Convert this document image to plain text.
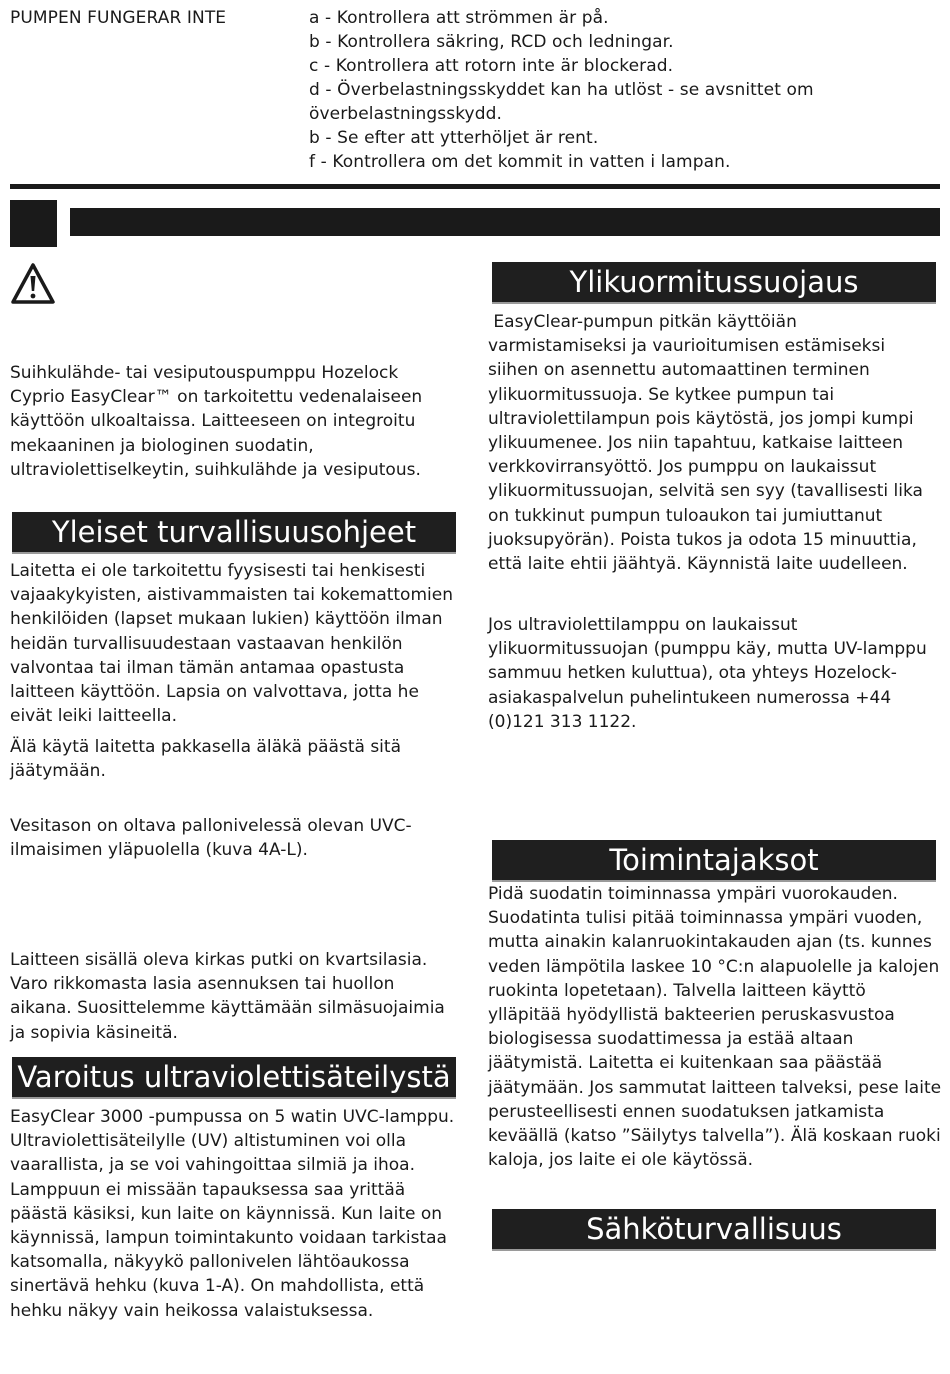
PUMPEN FUNGERAR INTE	a - Kontrollera att strömmen är på.
b - Kontrollera säkring, RCD och ledningar.
c - Kontrollera att rotorn inte är blockerad.
d - Överbelastningsskyddet kan ha utlöst - se avsnittet om
överbelastningsskydd.
b - Se efter att ytterhöljet är rent.
f - Kontrollera om det kommit in vatten i lampan.
Suihkulähde- tai vesiputouspumppu Hozelock Cyprio EasyClear™ on tarkoitettu vedenalaiseen käyttöön ulkoaltaissa. Laitteeseen on integroitu mekaaninen ja biologinen suodatin, ultraviolettiselkeytin, suihkulähde ja vesiputous.
Yleiset turvallisuusohjeet
Laitetta ei ole tarkoitettu fyysisesti tai henkisesti vajaakykyisten, aistivammaisten tai kokemattomien henkilöiden (lapset mukaan lukien) käyttöön ilman heidän turvallisuudestaan vastaavan henkilön valvontaa tai ilman tämän antamaa opastusta laitteen käyttöön. Lapsia on valvottava, jotta he eivät leiki laitteella.
Älä käytä laitetta pakkasella äläkä päästä sitä jäätymään.
Vesitason on oltava pallonivelessä olevan UVC-ilmaisimen yläpuolella (kuva 4A-L).
Laitteen sisällä oleva kirkas putki on kvartsilasia. Varo rikkomasta lasia asennuksen tai huollon aikana. Suosittelemme käyttämään silmäsuojaimia ja sopivia käsineitä.
Varoitus ultraviolettisäteilystä
EasyClear 3000 -pumpussa on 5 watin UVC-lamppu. Ultraviolettisäteilylle (UV) altistuminen voi olla vaarallista, ja se voi vahingoittaa silmiä ja ihoa. Lamppuun ei missään tapauksessa saa yrittää päästä käsiksi, kun laite on käynnissä. Kun laite on käynnissä, lampun toimintakunto voidaan tarkistaa katsomalla, näkyykö pallonivelen lähtöaukossa sinertävä hehku (kuva 1-A). On mahdollista, että hehku näkyy vain heikossa valaistuksessa.
Ylikuormitussuojaus
EasyClear-pumpun pitkän käyttöiän varmistamiseksi ja vaurioitumisen estämiseksi siihen on asennettu automaattinen terminen ylikuormitussuoja. Se kytkee pumpun tai ultraviolettilampun pois käytöstä, jos jompi kumpi ylikuumenee. Jos niin tapahtuu, katkaise laitteen verkkovirransyöttö. Jos pumppu on laukaissut ylikuormitussuojan, selvitä sen syy (tavallisesti lika on tukkinut pumpun tuloaukon tai jumiuttanut juoksupyörän). Poista tukos ja odota 15 minuuttia, että laite ehtii jäähtyä. Käynnistä laite uudelleen.
Jos ultraviolettilamppu on laukaissut ylikuormitussuojan (pumppu käy, mutta UV-lamppu sammuu hetken kuluttua), ota yhteys Hozelock-asiakaspalvelun puhelintukeen numerossa +44 (0)121 313 1122.
Toimintajaksot
Pidä suodatin toiminnassa ympäri vuorokauden. Suodatinta tulisi pitää toiminnassa ympäri vuoden, mutta ainakin kalanruokintakauden ajan (ts. kunnes veden lämpötila laskee 10 °C:n alapuolelle ja kalojen ruokinta lopetetaan). Talvella laitteen käyttö ylläpitää hyödyllistä bakteerien peruskasvustoa biologisessa suodattimessa ja estää altaan jäätymistä. Laitetta ei kuitenkaan saa päästää jäätymään. Jos sammutat laitteen talveksi, pese laite perusteellisesti ennen suodatuksen jatkamista keväällä (katso ”Säilytys talvella”). Älä koskaan ruoki kaloja, jos laite ei ole käytössä.
Sähköturvallisuus
